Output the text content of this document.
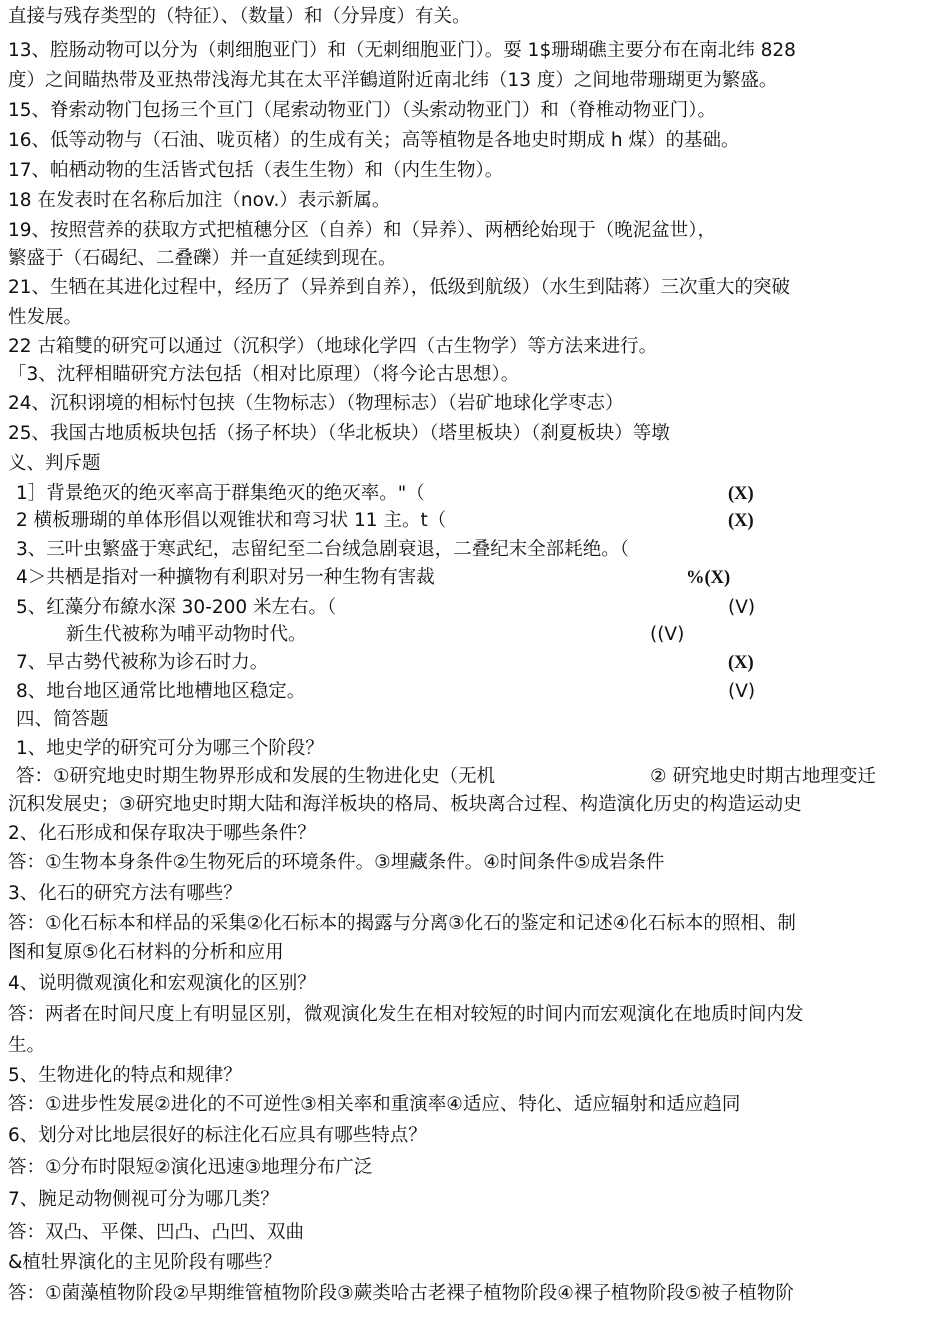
直接与残存类型的（特征）、（数量）和（分异度）有关。
13、腔肠动物可以分为（刺细胞亚门）和（无刺细胞亚门）。耍 1$珊瑚礁主要分布在南北纬 828
度）之间瞄热带及亚热带浅海尤其在太平洋鶴道附近南北纬（13 度）之间地带珊瑚更为繁盛。
15、脊索动物门包扬三个亘门（尾索动物亚门）（头索动物亚门）和（脊椎动物亚门）。
16、低等动物与（石油、咙页楮）的生成有关；高等植物是各地史时期成 h 煤）的基础。
17、帕栖动物的生活皆式包括（表生生物）和（内生生物）。
18 在发表时在名称后加注（nov.）表示新属。
19、按照营养的获取方式把植穗分区（自养）和（异养）、两栖纶始现于（晚泥盆世），
繁盛于（石碣纪、二叠礫）并一直延续到现在。
21、生牺在其进化过程中，经历了（异养到自养），低级到航级）（水生到陆蒋）三次重大的突破
性发展。
22 古箱雙的研究可以通过（沉积学）（地球化学四（古生物学）等方法来进行。
「3、沈秤相瞄研究方法包括（相对比原理）（将今论古思想）。
24、沉积诩境的相标忖包挟（生物标志）（物理标志）（岩矿地球化学枣志）
25、我国古地质板块包括（扬子杯块）（华北板块）（塔里板块）（刹夏板块）等墩
义、判斥题
1］背景绝灭的绝灭率高于群集绝灭的绝灭率。"（	(X)
2 横板珊瑚的单体形倡以观锥状和弯习状 11 主。t（	(X)
3、三叶虫繁盛于寒武纪，志留纪至二台绒急剧衰退，二叠纪末全部耗绝。（
4＞共栖是指对一种擴物有利职对另一种生物有害裁	%(X)
5、红藻分布繚水深 30-200 米左右。（	(V)
新生代被称为哺平动物时代。	((V)
7、早古勢代被称为诊石时力。	(X)
8、地台地区通常比地槽地区稳定。	(V)
四、简答题
1、地史学的研究可分为哪三个阶段？
答：①研究地史时期生物界形成和发展的生物进化史（无机	② 研究地史时期古地理变迁
沉积发展史；③研究地史时期大陆和海洋板块的格局、板块离合过程、构造演化历史的构造运动史
2、化石形成和保存取决于哪些条件？
答：①生物本身条件②生物死后的环境条件。③埋藏条件。④时间条件⑤成岩条件
3、化石的研究方法有哪些？
答：①化石标本和样品的采集②化石标本的揭露与分离③化石的鉴定和记述④化石标本的照相、制
图和复原⑤化石材料的分析和应用
4、说明微观演化和宏观演化的区别？
答：两者在时间尺度上有明显区别，微观演化发生在相对较短的时间内而宏观演化在地质时间内发
生。
5、生物进化的特点和规律？
答：①进步性发展②进化的不可逆性③相关率和重演率④适应、特化、适应辐射和适应趋同
6、划分对比地层很好的标注化石应具有哪些特点？
答：①分布时限短②演化迅速③地理分布广泛
7、腕足动物侧视可分为哪几类？
答：双凸、平傑、凹凸、凸凹、双曲
&植牡界演化的主见阶段有哪些？
答：①菌藻植物阶段②早期维管植物阶段③蕨类哈古老裸子植物阶段④裸子植物阶段⑤被子植物阶
